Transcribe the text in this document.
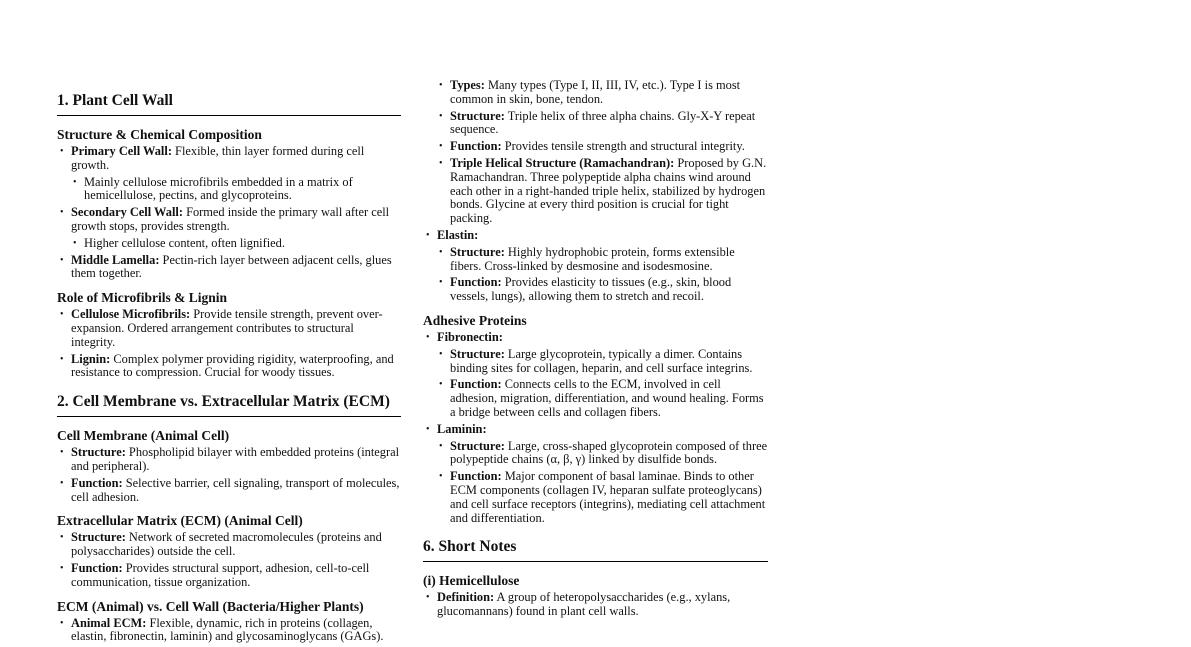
1. Plant Cell Wall
Structure & Chemical Composition
• Primary Cell Wall: Flexible, thin layer formed during cell growth.
• Mainly cellulose microfibrils embedded in a matrix of hemicellulose, pectins, and glycoproteins.
• Secondary Cell Wall: Formed inside the primary wall after cell growth stops, provides strength.
• Higher cellulose content, often lignified.
• Middle Lamella: Pectin-rich layer between adjacent cells, glues them together.
Role of Microfibrils & Lignin
• Cellulose Microfibrils: Provide tensile strength, prevent over-expansion. Ordered arrangement contributes to structural integrity.
• Lignin: Complex polymer providing rigidity, waterproofing, and resistance to compression. Crucial for woody tissues.
2. Cell Membrane vs. Extracellular Matrix (ECM)
Cell Membrane (Animal Cell)
• Structure: Phospholipid bilayer with embedded proteins (integral and peripheral).
• Function: Selective barrier, cell signaling, transport of molecules, cell adhesion.
Extracellular Matrix (ECM) (Animal Cell)
• Structure: Network of secreted macromolecules (proteins and polysaccharides) outside the cell.
• Function: Provides structural support, adhesion, cell-to-cell communication, tissue organization.
ECM (Animal) vs. Cell Wall (Bacteria/Higher Plants)
• Animal ECM: Flexible, dynamic, rich in proteins (collagen, elastin, fibronectin, laminin) and glycosaminoglycans (GAGs).
• Types: Many types (Type I, II, III, IV, etc.). Type I is most common in skin, bone, tendon.
• Structure: Triple helix of three alpha chains. Gly-X-Y repeat sequence.
• Function: Provides tensile strength and structural integrity.
• Triple Helical Structure (Ramachandran): Proposed by G.N. Ramachandran. Three polypeptide alpha chains wind around each other in a right-handed triple helix, stabilized by hydrogen bonds. Glycine at every third position is crucial for tight packing.
• Elastin:
• Structure: Highly hydrophobic protein, forms extensible fibers. Cross-linked by desmosine and isodesmosine.
• Function: Provides elasticity to tissues (e.g., skin, blood vessels, lungs), allowing them to stretch and recoil.
Adhesive Proteins
• Fibronectin:
• Structure: Large glycoprotein, typically a dimer. Contains binding sites for collagen, heparin, and cell surface integrins.
• Function: Connects cells to the ECM, involved in cell adhesion, migration, differentiation, and wound healing. Forms a bridge between cells and collagen fibers.
• Laminin:
• Structure: Large, cross-shaped glycoprotein composed of three polypeptide chains (α, β, γ) linked by disulfide bonds.
• Function: Major component of basal laminae. Binds to other ECM components (collagen IV, heparan sulfate proteoglycans) and cell surface receptors (integrins), mediating cell attachment and differentiation.
6. Short Notes
(i) Hemicellulose
• Definition: A group of heteropolysaccharides (e.g., xylans, glucomannans) found in plant cell walls.
